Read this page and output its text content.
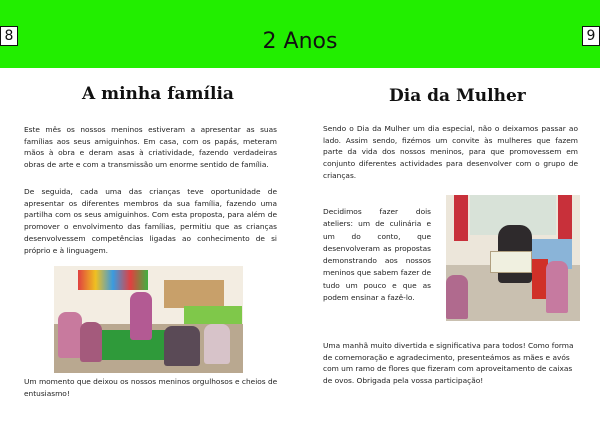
8	2 Anos	9
A minha família

Este mês os nossos meninos estiveram a apresentar as suas famílias aos seus amiguinhos. Em casa, com os papás, meteram mãos à obra e deram asas à criatividade, fazendo verdadeiras obras de arte e com a transmissão um enorme sentido de família.

De seguida, cada uma das crianças teve oportunidade de apresentar os diferentes membros da sua família, fazendo uma partilha com os seus amiguinhos. Com esta proposta, para além de promover o envolvimento das famílias, permitiu que as crianças desenvolvessem competências ligadas ao conhecimento de si próprio e à linguagem.

Um momento que deixou os nossos meninos orgulhosos e cheios de entusiasmo!

Dia da Mulher

Sendo o Dia da Mulher um dia especial, não o deixamos passar ao lado. Assim sendo, fizémos um convite às mulheres que fazem parte da vida dos nossos meninos, para que promovessem em conjunto diferentes actividades para desenvolver com o grupo de crianças.

Decidimos fazer dois ateliers: um de culinária e um do conto, que desenvolveram as propostas demonstrando aos nossos meninos que sabem fazer de tudo um pouco e que as podem ensinar a fazê-lo.

Uma manhã muito divertida e significativa para todos! Como forma de comemoração e agradecimento, presenteámos as mães e avós com um ramo de flores que fizeram com aproveitamento de caixas de ovos. Obrigada pela vossa participação!
